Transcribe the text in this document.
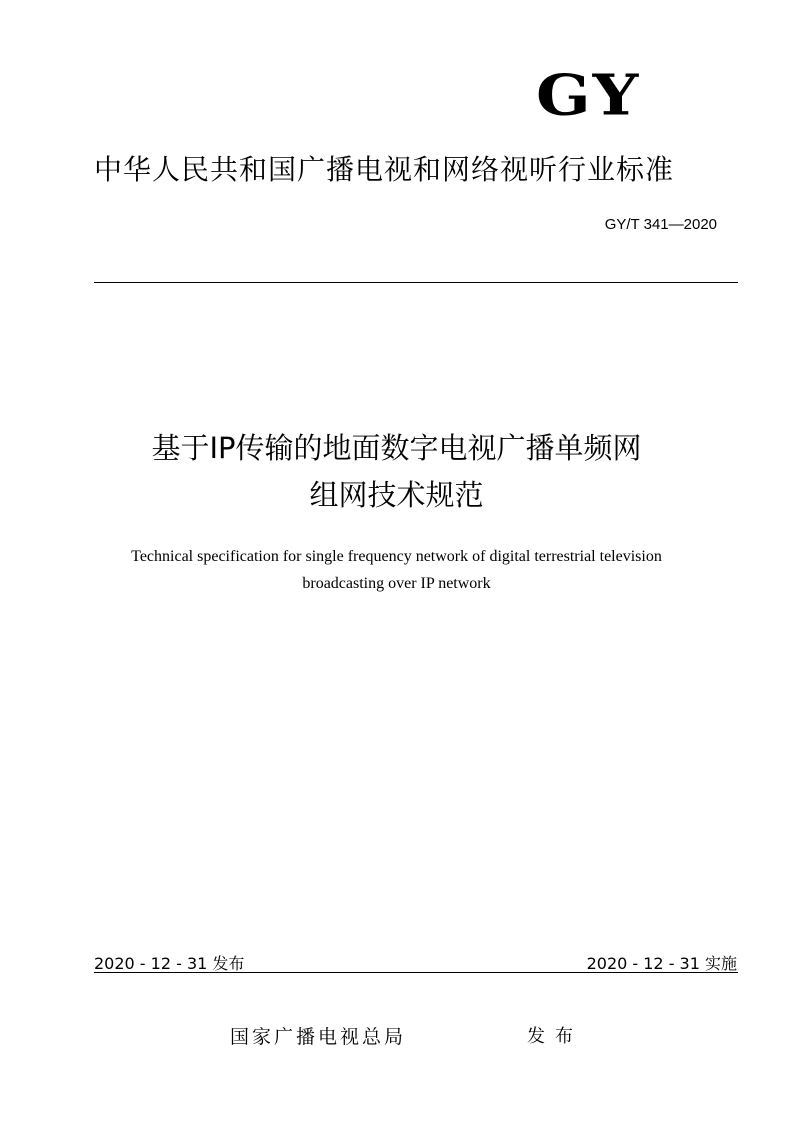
GY
中华人民共和国广播电视和网络视听行业标准
GY/T 341—2020
基于IP传输的地面数字电视广播单频网
组网技术规范
Technical specification for single frequency network of digital terrestrial television
broadcasting over IP network
2020 - 12 - 31 发布	2020 - 12 - 31 实施
国家广播电视总局	发布
